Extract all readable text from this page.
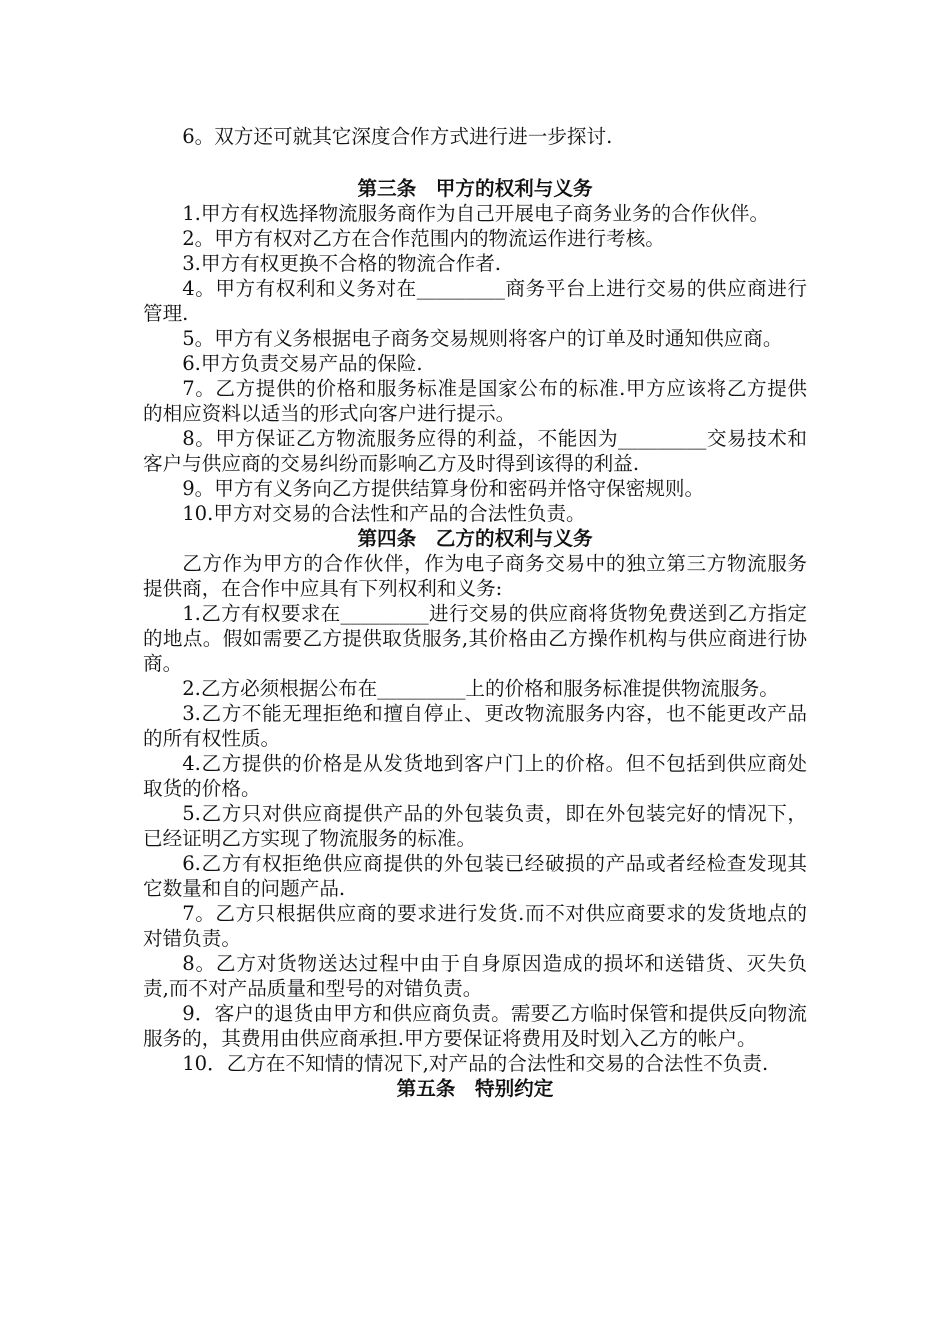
6。双方还可就其它深度合作方式进行进一步探讨.

第三条　甲方的权利与义务

1.甲方有权选择物流服务商作为自己开展电子商务业务的合作伙伴。

2。甲方有权对乙方在合作范围内的物流运作进行考核。

3.甲方有权更换不合格的物流合作者.

4。甲方有权利和义务对在_________商务平台上进行交易的供应商进行管理.

5。甲方有义务根据电子商务交易规则将客户的订单及时通知供应商。

6.甲方负责交易产品的保险.

7。乙方提供的价格和服务标准是国家公布的标准.甲方应该将乙方提供的相应资料以适当的形式向客户进行提示。

8。甲方保证乙方物流服务应得的利益，不能因为_________交易技术和客户与供应商的交易纠纷而影响乙方及时得到该得的利益.

9。甲方有义务向乙方提供结算身份和密码并恪守保密规则。

10.甲方对交易的合法性和产品的合法性负责。

第四条　乙方的权利与义务

乙方作为甲方的合作伙伴，作为电子商务交易中的独立第三方物流服务提供商，在合作中应具有下列权利和义务:

1.乙方有权要求在_________进行交易的供应商将货物免费送到乙方指定的地点。假如需要乙方提供取货服务,其价格由乙方操作机构与供应商进行协商。

2.乙方必须根据公布在_________上的价格和服务标准提供物流服务。

3.乙方不能无理拒绝和擅自停止、更改物流服务内容，也不能更改产品的所有权性质。

4.乙方提供的价格是从发货地到客户门上的价格。但不包括到供应商处取货的价格。

5.乙方只对供应商提供产品的外包装负责，即在外包装完好的情况下，已经证明乙方实现了物流服务的标准。

6.乙方有权拒绝供应商提供的外包装已经破损的产品或者经检查发现其它数量和自的问题产品.

7。乙方只根据供应商的要求进行发货.而不对供应商要求的发货地点的对错负责。

8。乙方对货物送达过程中由于自身原因造成的损坏和送错货、灭失负责,而不对产品质量和型号的对错负责。

9．客户的退货由甲方和供应商负责。需要乙方临时保管和提供反向物流服务的，其费用由供应商承担.甲方要保证将费用及时划入乙方的帐户。

10．乙方在不知情的情况下,对产品的合法性和交易的合法性不负责.

第五条　特别约定
